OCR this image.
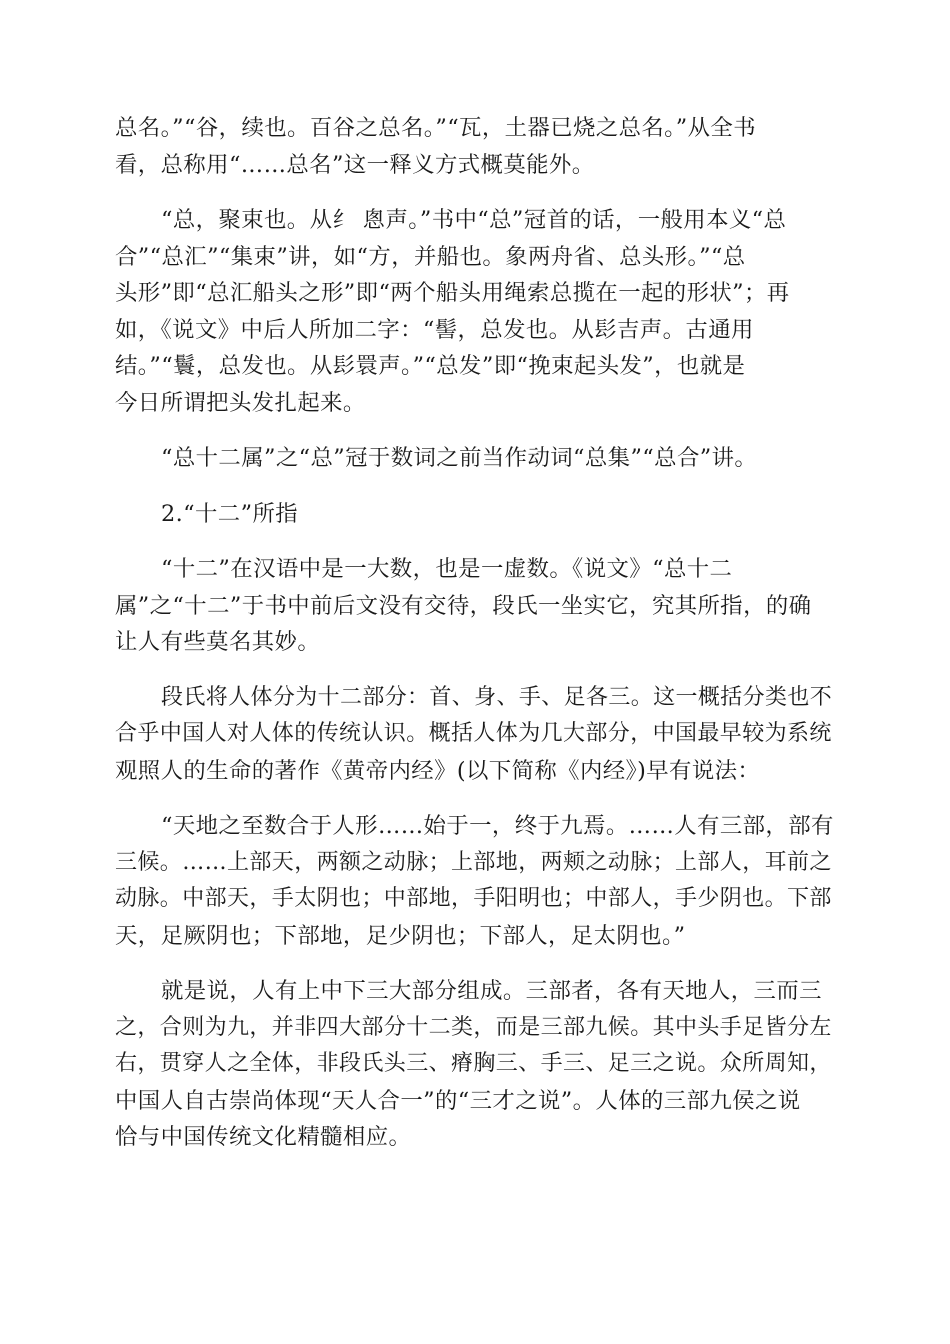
总名。”“谷，续也。百谷之总名。”“瓦，土器已烧之总名。”从全书
看，总称用“……总名”这一释义方式概莫能外。
“总，聚束也。从纟 悤声。”书中“总”冠首的话，一般用本义“总
合”“总汇”“集束”讲，如“方，并船也。象两舟省、总头形。”“总
头形”即“总汇船头之形”即“两个船头用绳索总揽在一起的形状”；再
如，《说文》中后人所加二字：“髻，总发也。从髟吉声。古通用
结。”“鬟，总发也。从髟睘声。”“总发”即“挽束起头发”，也就是
今日所谓把头发扎起来。
“总十二属”之“总”冠于数词之前当作动词“总集”“总合”讲。
2.“十二”所指
“十二”在汉语中是一大数，也是一虚数。《说文》“总十二
属”之“十二”于书中前后文没有交待，段氏一坐实它，究其所指，的确
让人有些莫名其妙。
段氏将人体分为十二部分：首、身、手、足各三。这一概括分类也不
合乎中国人对人体的传统认识。概括人体为几大部分，中国最早较为系统
观照人的生命的著作《黄帝内经》(以下简称《内经》)早有说法：
“天地之至数合于人形……始于一，终于九焉。……人有三部，部有
三候。……上部天，两额之动脉；上部地，两颊之动脉；上部人，耳前之
动脉。中部天，手太阴也；中部地，手阳明也；中部人，手少阴也。下部
天，足厥阴也；下部地，足少阴也；下部人，足太阴也。”
就是说，人有上中下三大部分组成。三部者，各有天地人，三而三
之，合则为九，并非四大部分十二类，而是三部九候。其中头手足皆分左
右，贯穿人之全体，非段氏头三、瘠胸三、手三、足三之说。众所周知，
中国人自古崇尚体现“天人合一”的“三才之说”。人体的三部九侯之说
恰与中国传统文化精髓相应。
